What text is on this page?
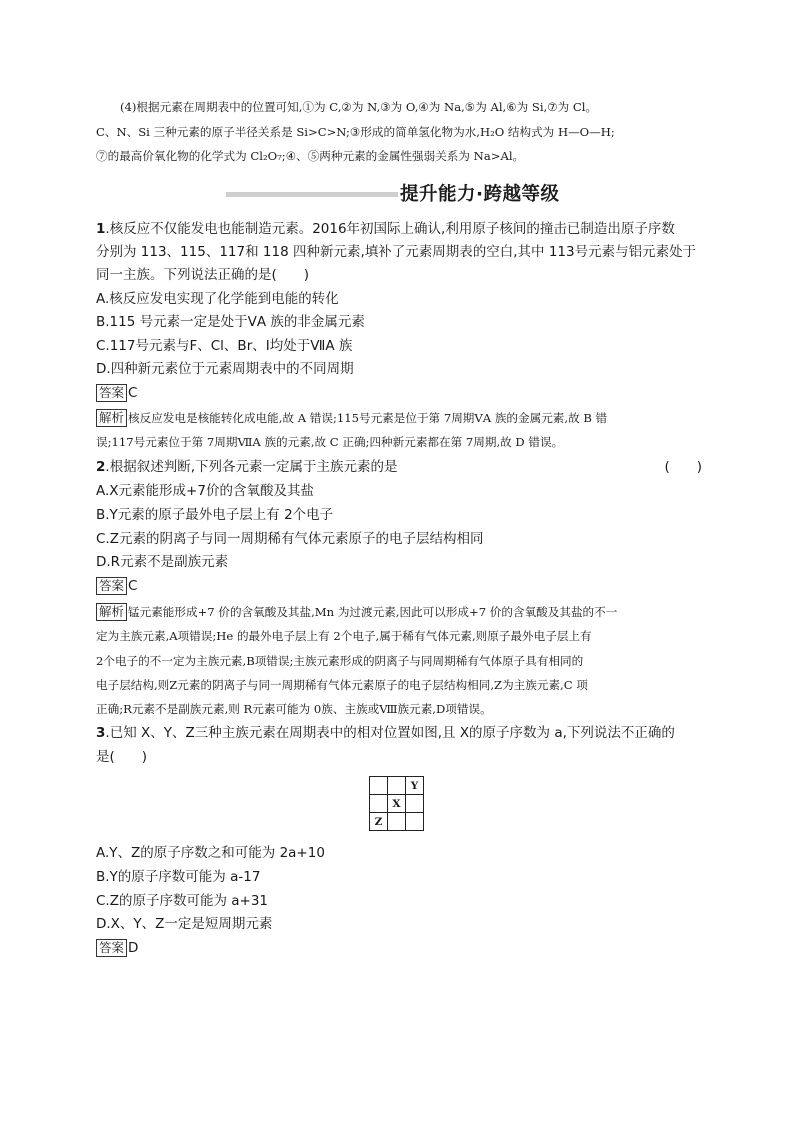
(4)根据元素在周期表中的位置可知,①为 C,②为 N,③为 O,④为 Na,⑤为 Al,⑥为 Si,⑦为 Cl。
C、N、Si 三种元素的原子半径关系是 Si>C>N;③形成的简单氢化物为水,H₂O 结构式为 H—O—H;
⑦的最高价氧化物的化学式为 Cl₂O₇;④、⑤两种元素的金属性强弱关系为 Na>Al。
提升能力·跨越等级
1.核反应不仅能发电也能制造元素。2016年初国际上确认,利用原子核间的撞击已制造出原子序数
分别为 113、115、117和 118 四种新元素,填补了元素周期表的空白,其中 113号元素与铝元素处于
同一主族。下列说法正确的是(　　)
A.核反应发电实现了化学能到电能的转化
B.115 号元素一定是处于ⅤA 族的非金属元素
C.117号元素与F、Cl、Br、I均处于ⅦA 族
D.四种新元素位于元素周期表中的不同周期
答案 C
解析 核反应发电是核能转化成电能,故 A 错误;115号元素是位于第 7周期ⅤA 族的金属元素,故 B 错
误;117号元素位于第 7周期ⅦA 族的元素,故 C 正确;四种新元素都在第 7周期,故 D 错误。
2.根据叙述判断,下列各元素一定属于主族元素的是	(　　)
A.X元素能形成+7价的含氧酸及其盐
B.Y元素的原子最外电子层上有 2个电子
C.Z元素的阴离子与同一周期稀有气体元素原子的电子层结构相同
D.R元素不是副族元素
答案 C
解析 锰元素能形成+7 价的含氧酸及其盐,Mn 为过渡元素,因此可以形成+7 价的含氧酸及其盐的不一
定为主族元素,A项错误;He 的最外电子层上有 2个电子,属于稀有气体元素,则原子最外电子层上有
2个电子的不一定为主族元素,B项错误;主族元素形成的阴离子与同周期稀有气体原子具有相同的
电子层结构,则Z元素的阴离子与同一周期稀有气体元素原子的电子层结构相同,Z为主族元素,C 项
正确;R元素不是副族元素,则 R元素可能为 0族、主族或Ⅷ族元素,D项错误。
3.已知 X、Y、Z三种主族元素在周期表中的相对位置如图,且 X的原子序数为 a,下列说法不正确的
是(　　)
		Y
	X	
Z		
A.Y、Z的原子序数之和可能为 2a+10
B.Y的原子序数可能为 a-17
C.Z的原子序数可能为 a+31
D.X、Y、Z一定是短周期元素
答案 D
